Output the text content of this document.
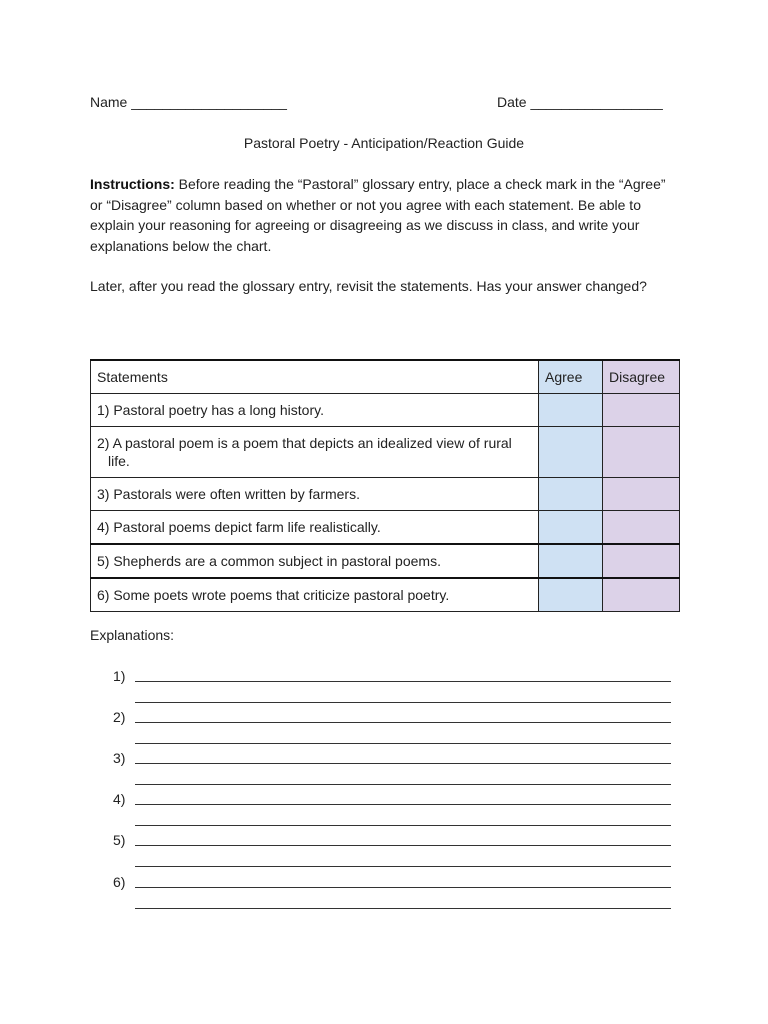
Name ____________________	Date _________________
Pastoral Poetry - Anticipation/Reaction Guide
Instructions: Before reading the “Pastoral” glossary entry, place a check mark in the “Agree” or “Disagree” column based on whether or not you agree with each statement. Be able to explain your reasoning for agreeing or disagreeing as we discuss in class, and write your explanations below the chart.
Later, after you read the glossary entry, revisit the statements. Has your answer changed?
Statements	Agree	Disagree
1) Pastoral poetry has a long history.		

2) A pastoral poem is a poem that depicts an idealized view of rural life.		

3) Pastorals were often written by farmers.		
4) Pastoral poems depict farm life realistically.		
5) Shepherds are a common subject in pastoral poems.		
6) Some poets wrote poems that criticize pastoral poetry.		
Explanations:
1)
2)
3)
4)
5)
6)
